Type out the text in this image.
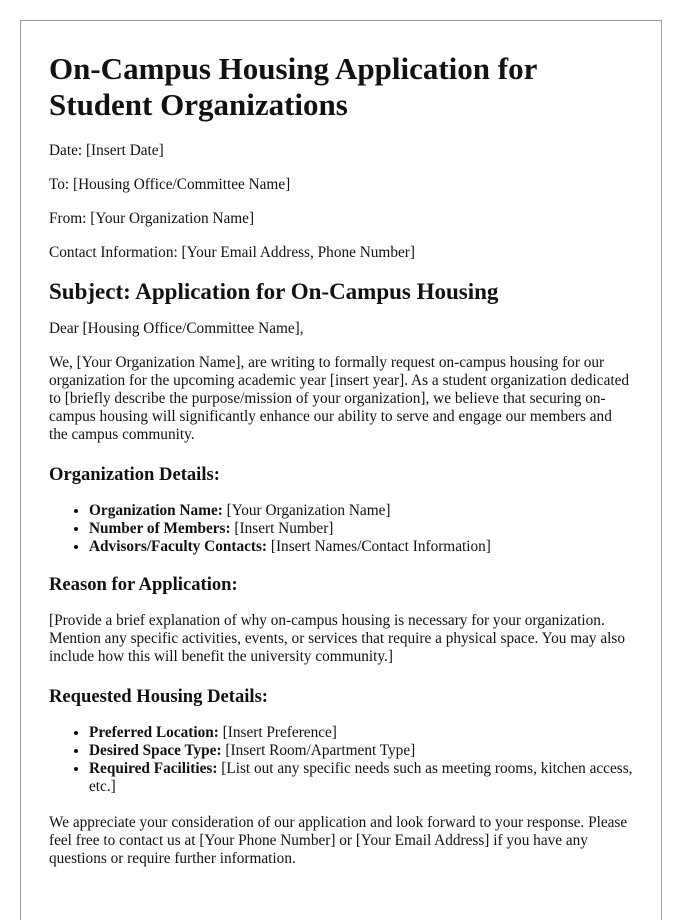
On-Campus Housing Application for Student Organizations

Date: [Insert Date]

To: [Housing Office/Committee Name]

From: [Your Organization Name]

Contact Information: [Your Email Address, Phone Number]

Subject: Application for On-Campus Housing

Dear [Housing Office/Committee Name],

We, [Your Organization Name], are writing to formally request on-campus housing for our organization for the upcoming academic year [insert year]. As a student organization dedicated to [briefly describe the purpose/mission of your organization], we believe that securing on-campus housing will significantly enhance our ability to serve and engage our members and the campus community.

Organization Details:
• Organization Name: [Your Organization Name]
• Number of Members: [Insert Number]
• Advisors/Faculty Contacts: [Insert Names/Contact Information]
Reason for Application:

[Provide a brief explanation of why on-campus housing is necessary for your organization. Mention any specific activities, events, or services that require a physical space. You may also include how this will benefit the university community.]

Requested Housing Details:
• Preferred Location: [Insert Preference]
• Desired Space Type: [Insert Room/Apartment Type]
• Required Facilities: [List out any specific needs such as meeting rooms, kitchen access, etc.]

We appreciate your consideration of our application and look forward to your response. Please feel free to contact us at [Your Phone Number] or [Your Email Address] if you have any questions or require further information.
